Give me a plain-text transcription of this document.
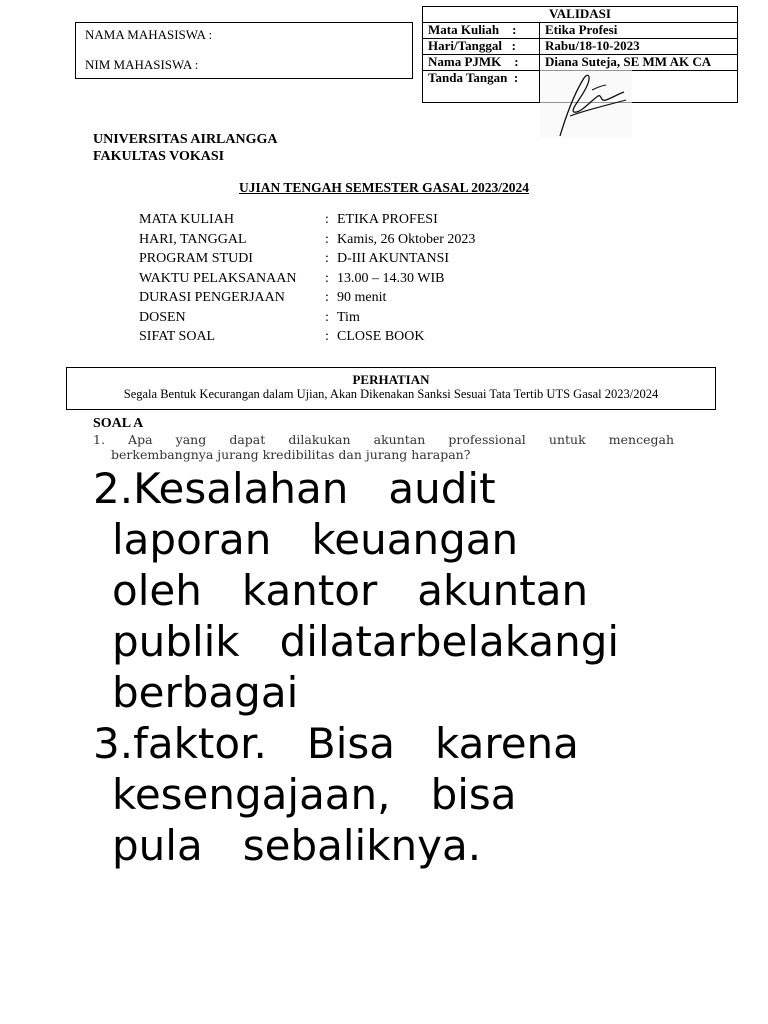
NAMA MAHASISWA :
NIM MAHASISWA :
VALIDASI	
Mata Kuliah    :	Etika Profesi
Hari/Tanggal   :	Rabu/18-10-2023
Nama PJMK    :	Diana Suteja, SE MM AK CA
Tanda Tangan  :	
UNIVERSITAS AIRLANGGA
FAKULTAS VOKASI
UJIAN TENGAH SEMESTER GASAL 2023/2024
MATA KULIAH	: ETIKA PROFESI
HARI, TANGGAL	: Kamis, 26 Oktober 2023
PROGRAM STUDI	: D-III AKUNTANSI
WAKTU PELAKSANAAN : 13.00 – 14.30 WIB
DURASI PENGERJAAN	: 90 menit
DOSEN	: Tim
SIFAT SOAL	: CLOSE BOOK
PERHATIAN
Segala Bentuk Kecurangan dalam Ujian, Akan Dikenakan Sanksi Sesuai Tata Tertib UTS Gasal 2023/2024
SOAL A
1. Apa yang dapat dilakukan akuntan professional untuk mencegah
berkembangnya jurang kredibilitas dan jurang harapan?
2.Kesalahan   audit
laporan   keuangan
oleh   kantor   akuntan
publik   dilatarbelakangi
berbagai
3.faktor.   Bisa   karena
kesengajaan,   bisa
pula   sebaliknya.
